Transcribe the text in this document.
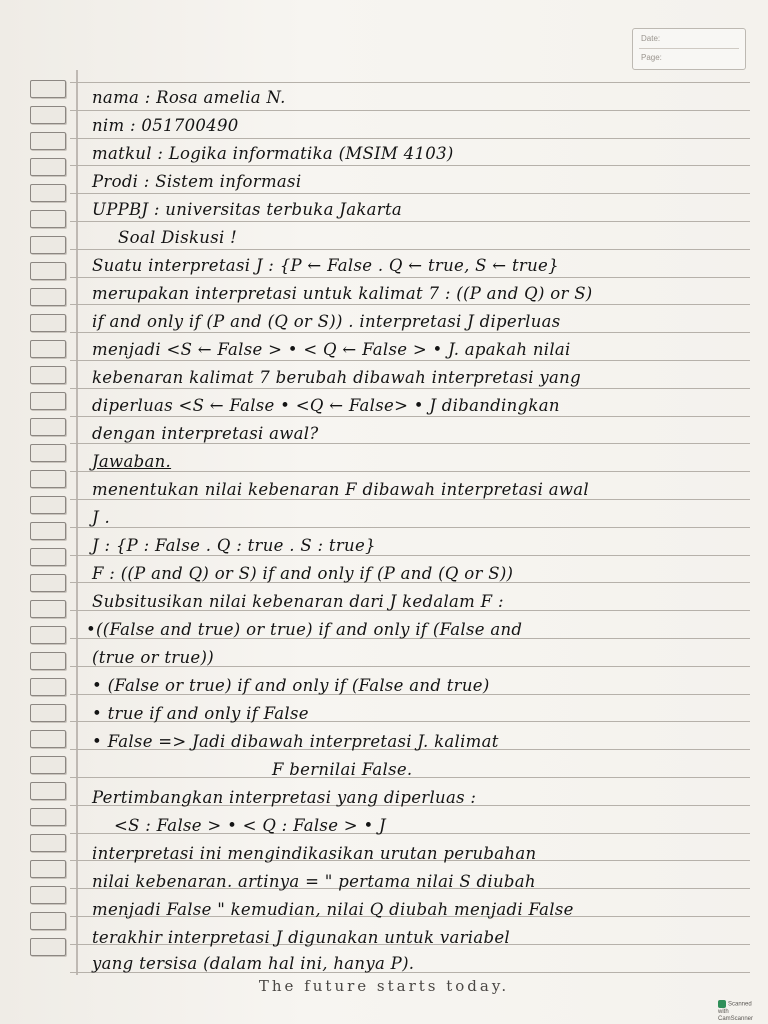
Date:
Page:
nama : Rosa amelia N.
nim : 051700490
matkul : Logika informatika (MSIM 4103)
Prodi : Sistem informasi
UPPBJ : universitas terbuka Jakarta
Soal Diskusi !
Suatu interpretasi J : {P ← False . Q ← true, S ← true}
merupakan interpretasi untuk kalimat 7 : ((P and Q) or S)
if and only if (P and (Q or S)) . interpretasi J diperluas
menjadi <S ← False > • < Q ← False > • J. apakah nilai
kebenaran kalimat 7 berubah dibawah interpretasi yang
diperluas <S ← False • <Q ← False> • J dibandingkan
dengan interpretasi awal?
Jawaban.
menentukan nilai kebenaran F dibawah interpretasi awal
J .
J : {P : False . Q : true . S : true}
F : ((P and Q) or S) if and only if (P and (Q or S))
Subsitusikan nilai kebenaran dari J kedalam F :
•((False and true) or true) if and only if (False and
(true or true))
• (False or true) if and only if (False and true)
• true if and only if False
• False => Jadi dibawah interpretasi J. kalimat
F bernilai False.
Pertimbangkan interpretasi yang diperluas :
<S : False > • < Q : False > • J
interpretasi ini mengindikasikan urutan perubahan
nilai kebenaran. artinya = " pertama nilai S diubah
menjadi False " kemudian, nilai Q diubah menjadi False
terakhir interpretasi J digunakan untuk variabel
yang tersisa (dalam hal ini, hanya P).
The future starts today.
Scanned with CamScanner
